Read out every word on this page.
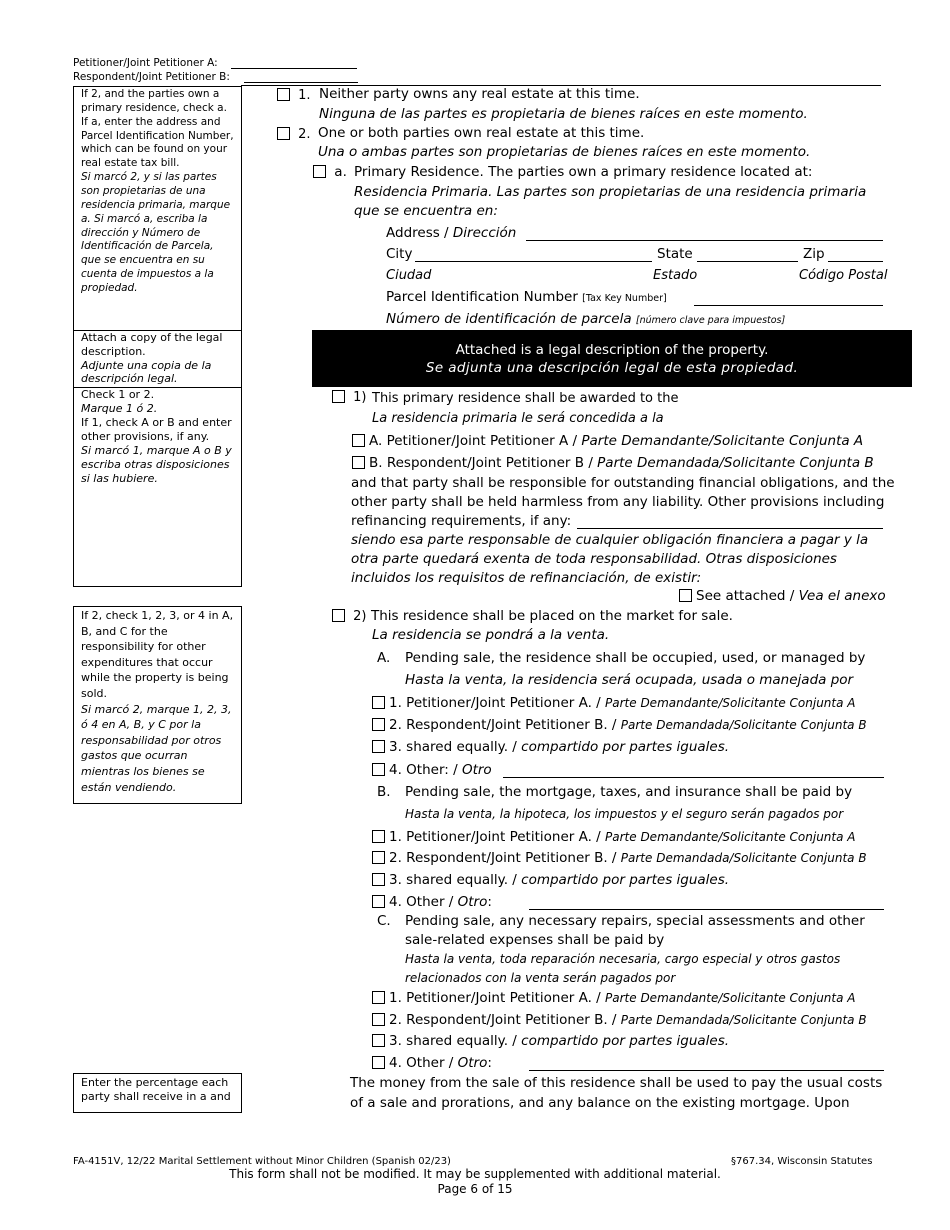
Petitioner/Joint Petitioner A:
Respondent/Joint Petitioner B:
If 2, and the parties own a primary residence, check a. If a, enter the address and Parcel Identification Number, which can be found on your real estate tax bill.
Si marcó 2, y si las partes son propietarias de una residencia primaria, marque a. Si marcó a, escriba la dirección y Número de Identificación de Parcela, que se encuentra en su cuenta de impuestos a la propiedad.
Attach a copy of the legal description.
Adjunte una copia de la descripción legal.
Check 1 or 2.
Marque 1 ó 2.
If 1, check A or B and enter other provisions, if any.
Si marcó 1, marque A o B y escriba otras disposiciones si las hubiere.
If 2, check 1, 2, 3, or 4 in A, B, and C for the responsibility for other expenditures that occur while the property is being sold.
Si marcó 2, marque 1, 2, 3, ó 4 en A, B, y C por la responsabilidad por otros gastos que ocurran mientras los bienes se están vendiendo.
Enter the percentage each party shall receive in a and
1. Neither party owns any real estate at this time.
Ninguna de las partes es propietaria de bienes raíces en este momento.
2. One or both parties own real estate at this time.
Una o ambas partes son propietarias de bienes raíces en este momento.
a. Primary Residence. The parties own a primary residence located at:
Residencia Primaria. Las partes son propietarias de una residencia primaria
que se encuentra en:
Address / Dirección
City	State	Zip
Ciudad	Estado	Código Postal
Parcel Identification Number [Tax Key Number]
Número de identificación de parcela [número clave para impuestos]
Attached is a legal description of the property.
Se adjunta una descripción legal de esta propiedad.
1) This primary residence shall be awarded to the
La residencia primaria le será concedida a la
A. Petitioner/Joint Petitioner A / Parte Demandante/Solicitante Conjunta A
B. Respondent/Joint Petitioner B / Parte Demandada/Solicitante Conjunta B
and that party shall be responsible for outstanding financial obligations, and the
other party shall be held harmless from any liability. Other provisions including
refinancing requirements, if any:
siendo esa parte responsable de cualquier obligación financiera a pagar y la
otra parte quedará exenta de toda responsabilidad. Otras disposiciones
incluidos los requisitos de refinanciación, de existir:
See attached / Vea el anexo
2) This residence shall be placed on the market for sale.
La residencia se pondrá a la venta.
A. Pending sale, the residence shall be occupied, used, or managed by
Hasta la venta, la residencia será ocupada, usada o manejada por
1. Petitioner/Joint Petitioner A. / Parte Demandante/Solicitante Conjunta A
2. Respondent/Joint Petitioner B. / Parte Demandada/Solicitante Conjunta B
3. shared equally. / compartido por partes iguales.
4. Other: / Otro
B. Pending sale, the mortgage, taxes, and insurance shall be paid by
Hasta la venta, la hipoteca, los impuestos y el seguro serán pagados por
1. Petitioner/Joint Petitioner A. / Parte Demandante/Solicitante Conjunta A
2. Respondent/Joint Petitioner B. / Parte Demandada/Solicitante Conjunta B
3. shared equally. / compartido por partes iguales.
4. Other / Otro:
C. Pending sale, any necessary repairs, special assessments and other
sale-related expenses shall be paid by
Hasta la venta, toda reparación necesaria, cargo especial y otros gastos
relacionados con la venta serán pagados por
1. Petitioner/Joint Petitioner A. / Parte Demandante/Solicitante Conjunta A
2. Respondent/Joint Petitioner B. / Parte Demandada/Solicitante Conjunta B
3. shared equally. / compartido por partes iguales.
4. Other / Otro:
The money from the sale of this residence shall be used to pay the usual costs
of a sale and prorations, and any balance on the existing mortgage. Upon
FA-4151V, 12/22 Marital Settlement without Minor Children (Spanish 02/23)	§767.34, Wisconsin Statutes
This form shall not be modified. It may be supplemented with additional material.
Page 6 of 15
